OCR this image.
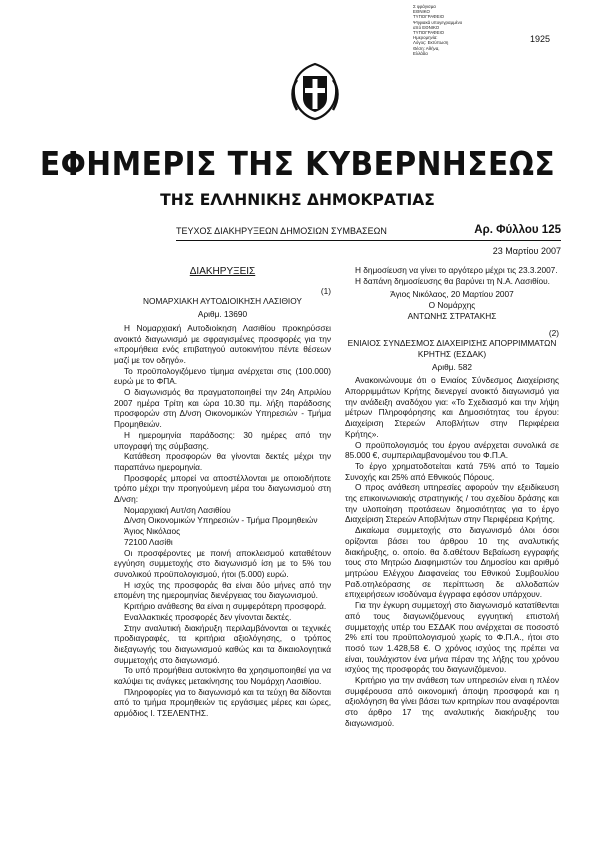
Σ φράγισμα
ΕΘΝΙΚΟ
ΤΥΠΟΓΡΑΦΕΙΟ
Ψηφιακά υπογεγραμμένο
από ΕΘΝΙΚΟ
ΤΥΠΟΓΡΑΦΕΙΟ
Ημερομηνία:
Λόγος: Εκτύπωση
Θέση: Αθήνα,
Ελλάδα
1925
ΕΦΗΜΕΡΙΣ ΤΗΣ ΚΥΒΕΡΝΗΣΕΩΣ
ΤΗΣ ΕΛΛΗΝΙΚΗΣ ΔΗΜΟΚΡΑΤΙΑΣ
ΤΕΥΧΟΣ ΔΙΑΚΗΡΥΞΕΩΝ ΔΗΜΟΣΙΩΝ ΣΥΜΒΑΣΕΩΝ	Αρ. Φύλλου 125
23 Μαρτίου 2007
ΔΙΑΚΗΡΥΞΕΙΣ

(1)

ΝΟΜΑΡΧΙΑΚΗ ΑΥΤΟΔΙΟΙΚΗΣΗ ΛΑΣΙΘΙΟΥ

Αριθμ. 13690

Η Νομαρχιακή Αυτοδιοίκηση Λασιθίου προκηρύσσει ανοικτό διαγωνισμό με σφραγισμένες προσφορές για την «προμήθεια ενός επιβατηγού αυτοκινήτου πέντε θέσεων μαζί με τον οδηγό».

Το προϋπολογιζόμενο τίμημα ανέρχεται στις (100.000) ευρώ με το ΦΠΑ.

Ο διαγωνισμός θα πραγματοποιηθεί την 24η Απριλίου 2007 ημέρα Τρίτη και ώρα 10.30 πμ. λήξη παράδοσης προσφορών στη Δ/νση Οικονομικών Υπηρεσιών - Τμήμα Προμηθειών.

Η ημερομηνία παράδοσης: 30 ημέρες από την υπογραφή της σύμβασης.

Κατάθεση προσφορών θα γίνονται δεκτές μέχρι την παραπάνω ημερομηνία.

Προσφορές μπορεί να αποστέλλονται με οποιοδήποτε τρόπο μέχρι την προηγούμενη μέρα του διαγωνισμού στη Δ/νση:

Νομαρχιακή Αυτ/ση Λασιθίου

Δ/νση Οικονομικών Υπηρεσιών - Τμήμα Προμηθειών

Άγιος Νικόλαος

72100 Λασίθι

Οι προσφέροντες με ποινή αποκλεισμού καταθέτουν εγγύηση συμμετοχής στο διαγωνισμό ίση με το 5% του συνολικού προϋπολογισμού, ήτοι (5.000) ευρώ.

Η ισχύς της προσφοράς θα είναι δύο μήνες από την επομένη της ημερομηνίας διενέργειας του διαγωνισμού.

Κριτήριο ανάθεσης θα είναι η συμφερότερη προσφορά.

Εναλλακτικές προσφορές δεν γίνονται δεκτές.

Στην αναλυτική διακήρυξη περιλαμβάνονται οι τεχνικές προδιαγραφές, τα κριτήρια αξιολόγησης, ο τρόπος διεξαγωγής του διαγωνισμού καθώς και τα δικαιολογητικά συμμετοχής στο διαγωνισμό.

Το υπό προμήθεια αυτοκίνητο θα χρησιμοποιηθεί για να καλύψει τις ανάγκες μετακίνησης του Νομάρχη Λασιθίου.

Πληροφορίες για το διαγωνισμό και τα τεύχη θα δίδονται από το τμήμα προμηθειών τις εργάσιμες μέρες και ώρες, αρμόδιος Ι. ΤΣΕΛΕΝΤΗΣ.

Η δημοσίευση να γίνει το αργότερο μέχρι τις 23.3.2007.

Η δαπάνη δημοσίευσης θα βαρύνει τη Ν.Α. Λασιθίου.

Άγιος Νικόλαος, 20 Μαρτίου 2007

Ο Νομάρχης

ΑΝΤΩΝΗΣ ΣΤΡΑΤΑΚΗΣ

(2)

ΕΝΙΑΙΟΣ ΣΥΝΔΕΣΜΟΣ ΔΙΑΧΕΙΡΙΣΗΣ ΑΠΟΡΡΙΜΜΑΤΩΝ ΚΡΗΤΗΣ (ΕΣΔΑΚ)

Αριθμ. 582

Ανακοινώνουμε ότι ο Ενιαίος Σύνδεσμος Διαχείρισης Απορριμμάτων Κρήτης διενεργεί ανοικτό διαγωνισμό για την ανάδειξη αναδόχου για: «Το Σχεδιασμό και την λήψη μέτρων Πληροφόρησης και Δημοσιότητας του έργου: Διαχείριση Στερεών Αποβλήτων στην Περιφέρεια Κρήτης».

Ο προϋπολογισμός του έργου ανέρχεται συνολικά σε 85.000 €, συμπεριλαμβανομένου του Φ.Π.Α.

Το έργο χρηματοδοτείται κατά 75% από το Ταμείο Συνοχής και 25% από Εθνικούς Πόρους.

Ο προς ανάθεση υπηρεσίες αφορούν την εξειδίκευση της επικοινωνιακής στρατηγικής / του σχεδίου δράσης και την υλοποίηση προτάσεων δημοσιότητας για το έργο Διαχείριση Στερεών Αποβλήτων στην Περιφέρεια Κρήτης.

Δικαίωμα συμμετοχής στο διαγωνισμό όλοι όσοι ορίζονται βάσει του άρθρου 10 της αναλυτικής διακήρυξης, ο. οποίο. θα δ.αθέτουν Βεβαίωση εγγραφής τους στο Μητρώο Διαφημιστών του Δημοσίου και αριθμό μητρώου Ελέγχου Διαφανείας του Εθνικού Συμβουλίου Ραδ.οτηλεόρασης σε περίπτωση δε αλλοδαπών επιχειρήσεων ισοδύναμα έγγραφα εφόσον υπάρχουν.

Για την έγκυρη συμμετοχή στο διαγωνισμό κατατίθενται από τους διαγωνιζόμενους εγγυητική επιστολή συμμετοχής υπέρ του ΕΣΔΑΚ που ανέρχεται σε ποσοστό 2% επί του προϋπολογισμού χωρίς το Φ.Π.Α., ήτοι στο ποσό των 1.428,58 €. Ο χρόνος ισχύος της πρέπει να είναι, τουλάχιστον ένα μήνα πέραν της λήξης του χρόνου ισχύος της προσφοράς του διαγωνιζόμενου.

Κριτήριο για την ανάθεση των υπηρεσιών είναι η πλέον συμφέρουσα από οικονομική άποψη προσφορά και η αξιολόγηση θα γίνει βάσει των κριτηρίων που αναφέρονται στο άρθρο 17 της αναλυτικής διακήρυξης του διαγωνισμού.
